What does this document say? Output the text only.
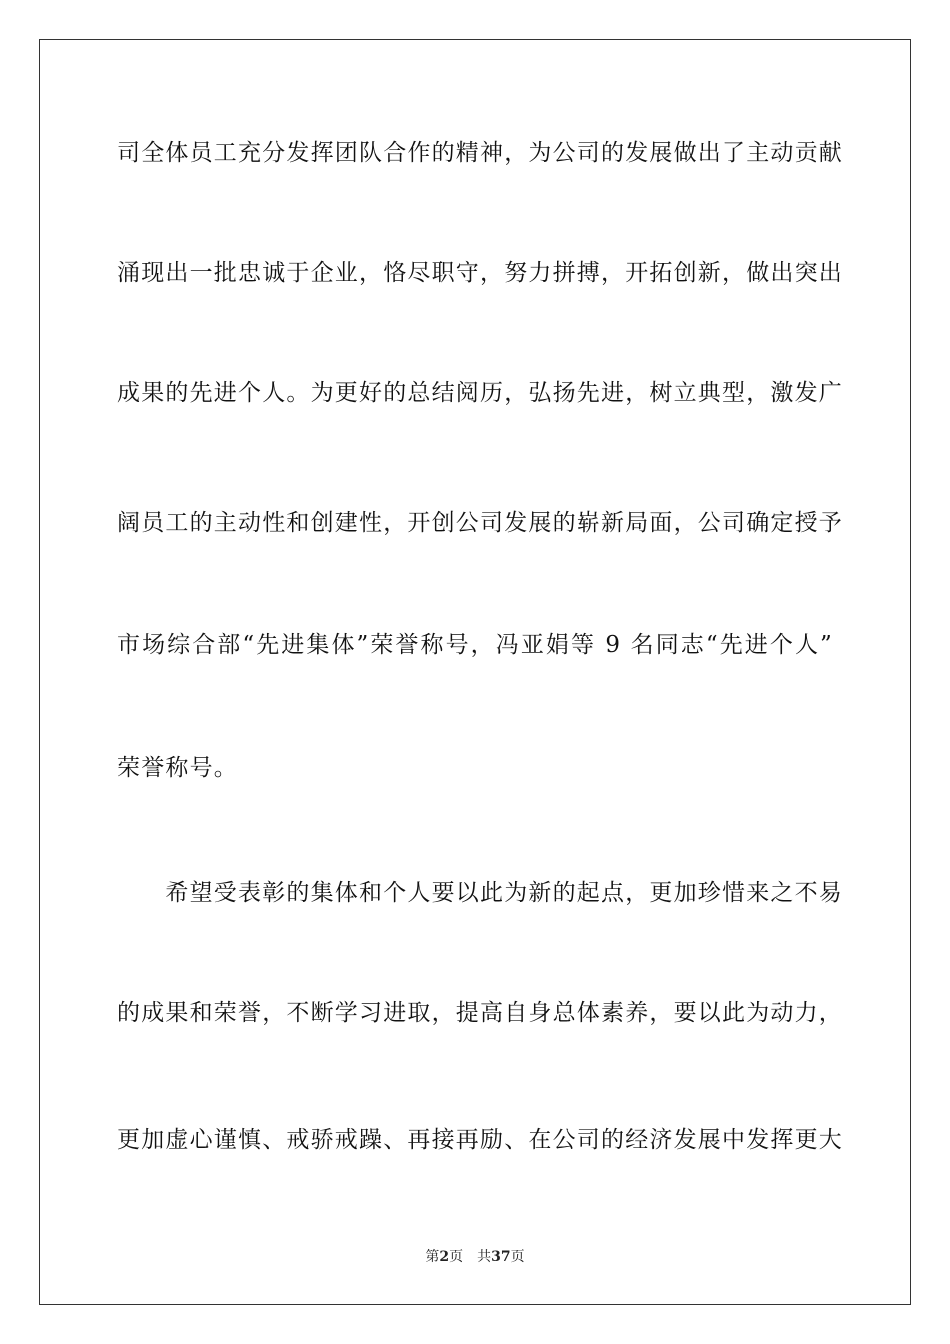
司全体员工充分发挥团队合作的精神，为公司的发展做出了主动贡献
涌现出一批忠诚于企业，恪尽职守，努力拼搏，开拓创新，做出突出
成果的先进个人。为更好的总结阅历，弘扬先进，树立典型，激发广
阔员工的主动性和创建性，开创公司发展的崭新局面，公司确定授予
市场综合部“先进集体”荣誉称号，冯亚娟等 9 名同志“先进个人”
荣誉称号。
　　希望受表彰的集体和个人要以此为新的起点，更加珍惜来之不易
的成果和荣誉，不断学习进取，提高自身总体素养，要以此为动力，
更加虚心谨慎、戒骄戒躁、再接再励、在公司的经济发展中发挥更大
第2页 共37页
